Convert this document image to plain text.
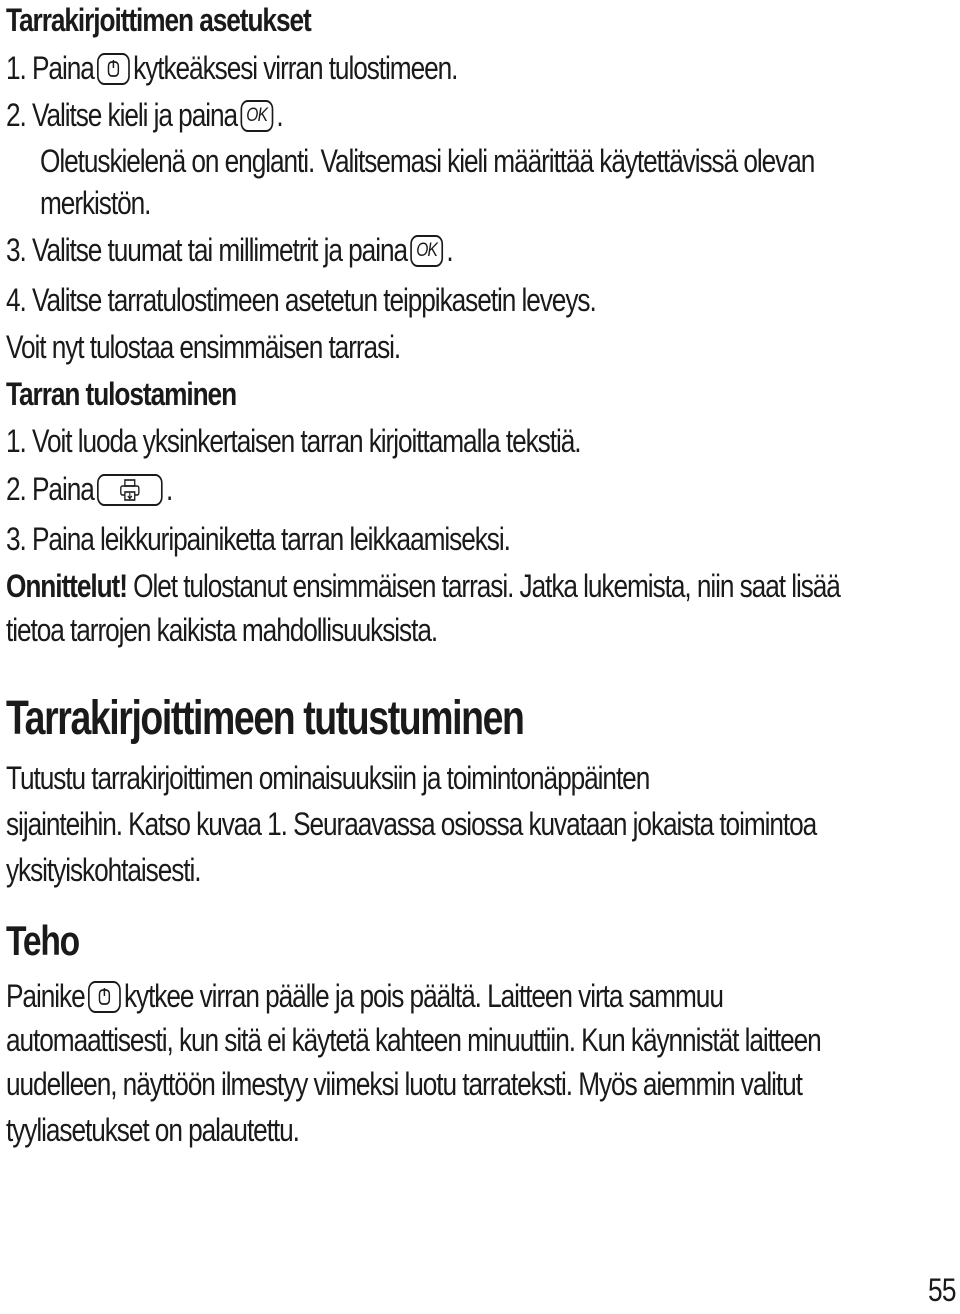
Tarrakirjoittimen asetukset
1. Paina kytkeäksesi virran tulostimeen.
2. Valitse kieli ja paina OK .
Oletuskielenä on englanti. Valitsemasi kieli määrittää käytettävissä olevan
merkistön.
3. Valitse tuumat tai millimetrit ja paina OK .
4. Valitse tarratulostimeen asetetun teippikasetin leveys.
Voit nyt tulostaa ensimmäisen tarrasi.
Tarran tulostaminen
1. Voit luoda yksinkertaisen tarran kirjoittamalla tekstiä.
2. Paina .
3. Paina leikkuripainiketta tarran leikkaamiseksi.
Onnittelut! Olet tulostanut ensimmäisen tarrasi. Jatka lukemista, niin saat lisää
tietoa tarrojen kaikista mahdollisuuksista.
Tarrakirjoittimeen tutustuminen
Tutustu tarrakirjoittimen ominaisuuksiin ja toimintonäppäinten
sijainteihin. Katso kuvaa 1. Seuraavassa osiossa kuvataan jokaista toimintoa
yksityiskohtaisesti.
Teho
Painike kytkee virran päälle ja pois päältä. Laitteen virta sammuu
automaattisesti, kun sitä ei käytetä kahteen minuuttiin. Kun käynnistät laitteen
uudelleen, näyttöön ilmestyy viimeksi luotu tarrateksti. Myös aiemmin valitut
tyyliasetukset on palautettu.
55
